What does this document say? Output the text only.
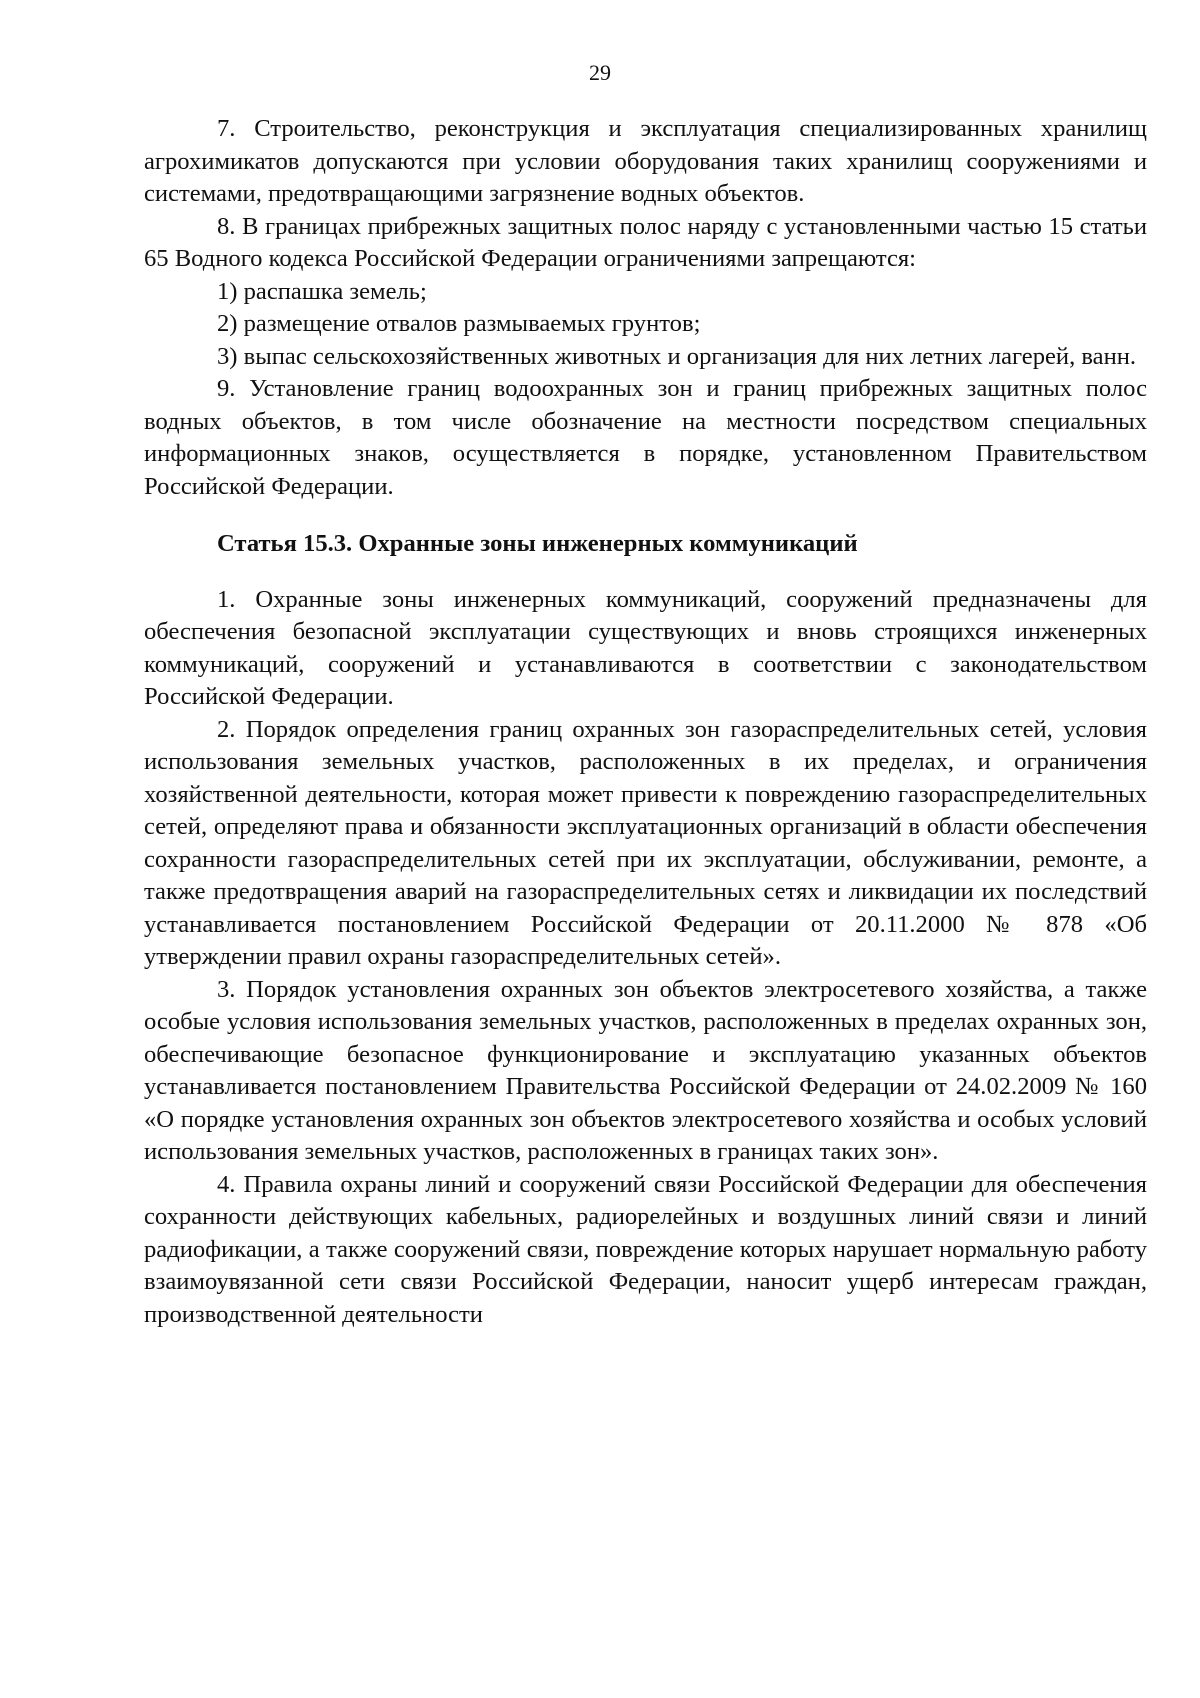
29

7. Строительство, реконструкция и эксплуатация специализированных хранилищ агрохимикатов допускаются при условии оборудования таких хранилищ сооружениями и системами, предотвращающими загрязнение водных объектов.

8. В границах прибрежных защитных полос наряду с установленными частью 15 статьи 65 Водного кодекса Российской Федерации ограничениями запрещаются:

1) распашка земель;

2) размещение отвалов размываемых грунтов;

3) выпас сельскохозяйственных животных и организация для них летних лагерей, ванн.

9. Установление границ водоохранных зон и границ прибрежных защитных полос водных объектов, в том числе обозначение на местности посредством специальных информационных знаков, осуществляется в порядке, установленном Правительством Российской Федерации.

Статья 15.3. Охранные зоны инженерных коммуникаций

1. Охранные зоны инженерных коммуникаций, сооружений предназначены для обеспечения безопасной эксплуатации существующих и вновь строящихся инженерных коммуникаций, сооружений и устанавливаются в соответствии с законодательством Российской Федерации.

2. Порядок определения границ охранных зон газораспределительных сетей, условия использования земельных участков, расположенных в их пределах, и ограничения хозяйственной деятельности, которая может привести к повреждению газораспределительных сетей, определяют права и обязанности эксплуатационных организаций в области обеспечения сохранности газораспределительных сетей при их эксплуатации, обслуживании, ремонте, а также предотвращения аварий на газораспределительных сетях и ликвидации их последствий устанавливается постановлением Российской Федерации от 20.11.2000 № 878 «Об утверждении правил охраны газораспределительных сетей».

3. Порядок установления охранных зон объектов электросетевого хозяйства, а также особые условия использования земельных участков, расположенных в пределах охранных зон, обеспечивающие безопасное функционирование и эксплуатацию указанных объектов устанавливается постановлением Правительства Российской Федерации от 24.02.2009 № 160 «О порядке установления охранных зон объектов электросетевого хозяйства и особых условий использования земельных участков, расположенных в границах таких зон».

4. Правила охраны линий и сооружений связи Российской Федерации для обеспечения сохранности действующих кабельных, радиорелейных и воздушных линий связи и линий радиофикации, а также сооружений связи, повреждение которых нарушает нормальную работу взаимоувязанной сети связи Российской Федерации, наносит ущерб интересам граждан, производственной деятельности
